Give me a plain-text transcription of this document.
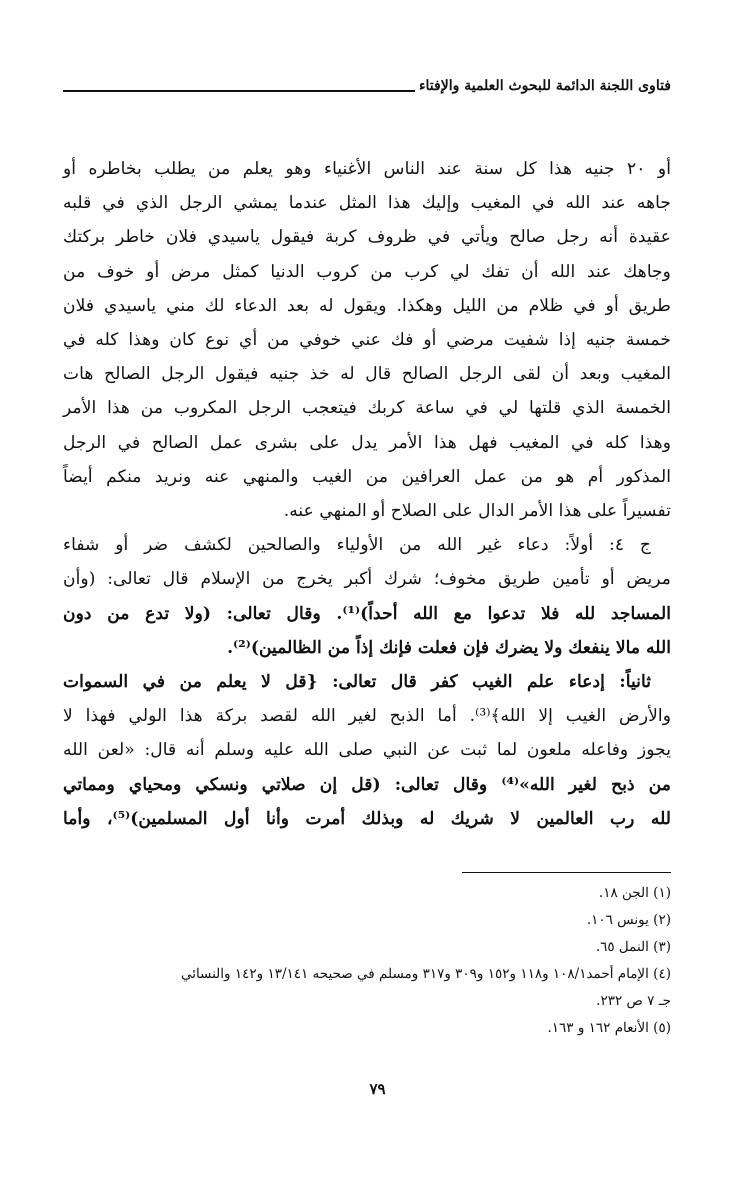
فتاوى اللجنة الدائمة للبحوث العلمية والإفتاء
أو ٢٠ جنيه هذا كل سنة عند الناس الأغنياء وهو يعلم من يطلب بخاطره أو
جاهه عند الله في المغيب وإليك هذا المثل عندما يمشي الرجل الذي في قلبه
عقيدة أنه رجل صالح ويأتي في ظروف كربة فيقول ياسيدي فلان خاطر بركتك
وجاهك عند الله أن تفك لي كرب من كروب الدنيا كمثل مرض أو خوف من
طريق أو في ظلام من الليل وهكذا. ويقول له بعد الدعاء لك مني ياسيدي فلان
خمسة جنيه إذا شفيت مرضي أو فك عني خوفي من أي نوع كان وهذا كله في
المغيب وبعد أن لقى الرجل الصالح قال له خذ جنيه فيقول الرجل الصالح هات
الخمسة الذي قلتها لي في ساعة كربك فيتعجب الرجل المكروب من هذا الأمر
وهذا كله في المغيب فهل هذا الأمر يدل على بشرى عمل الصالح في الرجل
المذكور أم هو من عمل العرافين من الغيب والمنهي عنه ونريد منكم أيضاً
تفسيراً على هذا الأمر الدال على الصلاح أو المنهي عنه.
ج ٤: أولاً: دعاء غير الله من الأولياء والصالحين لكشف ضر أو شفاء
مريض أو تأمين طريق مخوف؛ شرك أكبر يخرج من الإسلام قال تعالى: (وأن
المساجد لله فلا تدعوا مع الله أحداً)⁽¹⁾. وقال تعالى: (ولا تدع من دون
الله مالا ينفعك ولا يضرك فإن فعلت فإنك إذاً من الظالمين)⁽²⁾.
ثانياً: إدعاء علم الغيب كفر قال تعالى: {قل لا يعلم من في السموات
والأرض الغيب إلا الله﴾⁽³⁾. أما الذبح لغير الله لقصد بركة هذا الولي فهذا لا
يجوز وفاعله ملعون لما ثبت عن النبي صلى الله عليه وسلم أنه قال: «لعن الله
من ذبح لغير الله»⁽⁴⁾ وقال تعالى: (قل إن صلاتي ونسكي ومحياي ومماتي
لله رب العالمين لا شريك له وبذلك أمرت وأنا أول المسلمين)⁽⁵⁾، وأما
(١) الجن ١٨.
(٢) يونس ١٠٦.
(٣) النمل ٦٥.
(٤) الإمام أحمد١٠٨/١ و١١٨ و١٥٢ و٣٠٩ و٣١٧ ومسلم في صحيحه ١٣/١٤١ و١٤٢ والنسائي
جـ ٧ ص ٢٣٢.
(٥) الأنعام ١٦٢ و ١٦٣.
٧٩
